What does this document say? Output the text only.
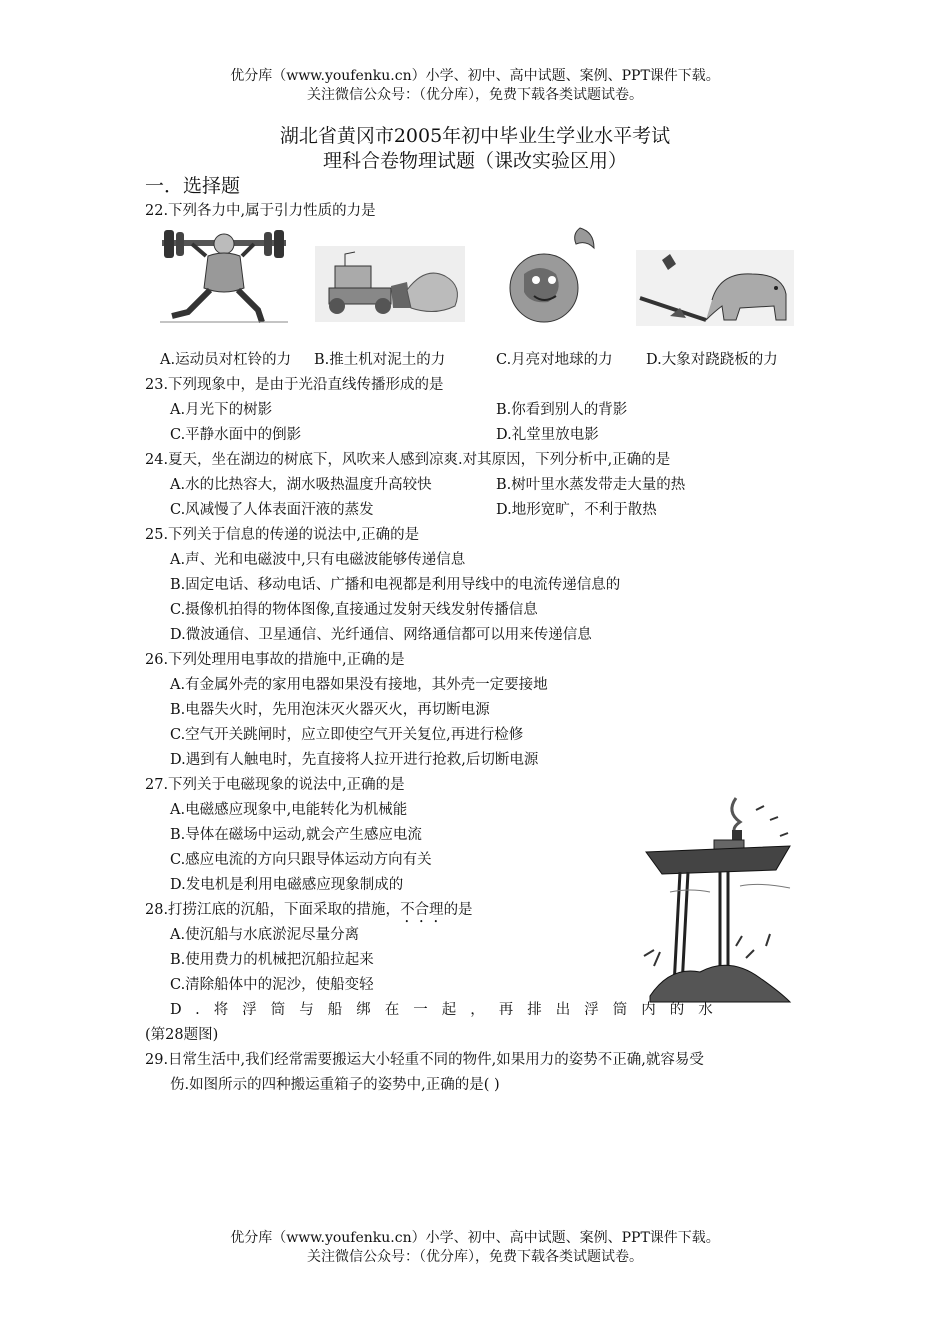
优分库（www.youfenku.cn）小学、初中、高中试题、案例、PPT课件下载。
关注微信公众号：（优分库），免费下载各类试题试卷。
湖北省黄冈市2005年初中毕业生学业水平考试
理科合卷物理试题（课改实验区用）
一．选择题
22.下列各力中,属于引力性质的力是
A.运动员对杠铃的力 B.推土机对泥土的力	C.月亮对地球的力 D.大象对跷跷板的力
23.下列现象中，是由于光沿直线传播形成的是
A.月光下的树影	B.你看到别人的背影
C.平静水面中的倒影	D.礼堂里放电影
24.夏天，坐在湖边的树底下，风吹来人感到凉爽.对其原因，下列分析中,正确的是
A.水的比热容大，湖水吸热温度升高较快	B.树叶里水蒸发带走大量的热
C.风减慢了人体表面汗液的蒸发	D.地形宽旷，不利于散热
25.下列关于信息的传递的说法中,正确的是
A.声、光和电磁波中,只有电磁波能够传递信息
B.固定电话、移动电话、广播和电视都是利用导线中的电流传递信息的
C.摄像机拍得的物体图像,直接通过发射天线发射传播信息
D.微波通信、卫星通信、光纤通信、网络通信都可以用来传递信息
26.下列处理用电事故的措施中,正确的是
A.有金属外壳的家用电器如果没有接地，其外壳一定要接地
B.电器失火时，先用泡沫灭火器灭火，再切断电源
C.空气开关跳闸时，应立即使空气开关复位,再进行检修
D.遇到有人触电时，先直接将人拉开进行抢救,后切断电源
27.下列关于电磁现象的说法中,正确的是
A.电磁感应现象中,电能转化为机械能
B.导体在磁场中运动,就会产生感应电流
C.感应电流的方向只跟导体运动方向有关
D.发电机是利用电磁感应现象制成的
28.打捞江底的沉船，下面采取的措施，不合理的是
A.使沉船与水底淤泥尽量分离
B.使用费力的机械把沉船拉起来
C.清除船体中的泥沙，使船变轻
D.将浮筒与船绑在一起，再排出浮筒内的水
(第28题图)
29.日常生活中,我们经常需要搬运大小轻重不同的物件,如果用力的姿势不正确,就容易受
伤.如图所示的四种搬运重箱子的姿势中,正确的是( )
优分库（www.youfenku.cn）小学、初中、高中试题、案例、PPT课件下载。
关注微信公众号：（优分库），免费下载各类试题试卷。
